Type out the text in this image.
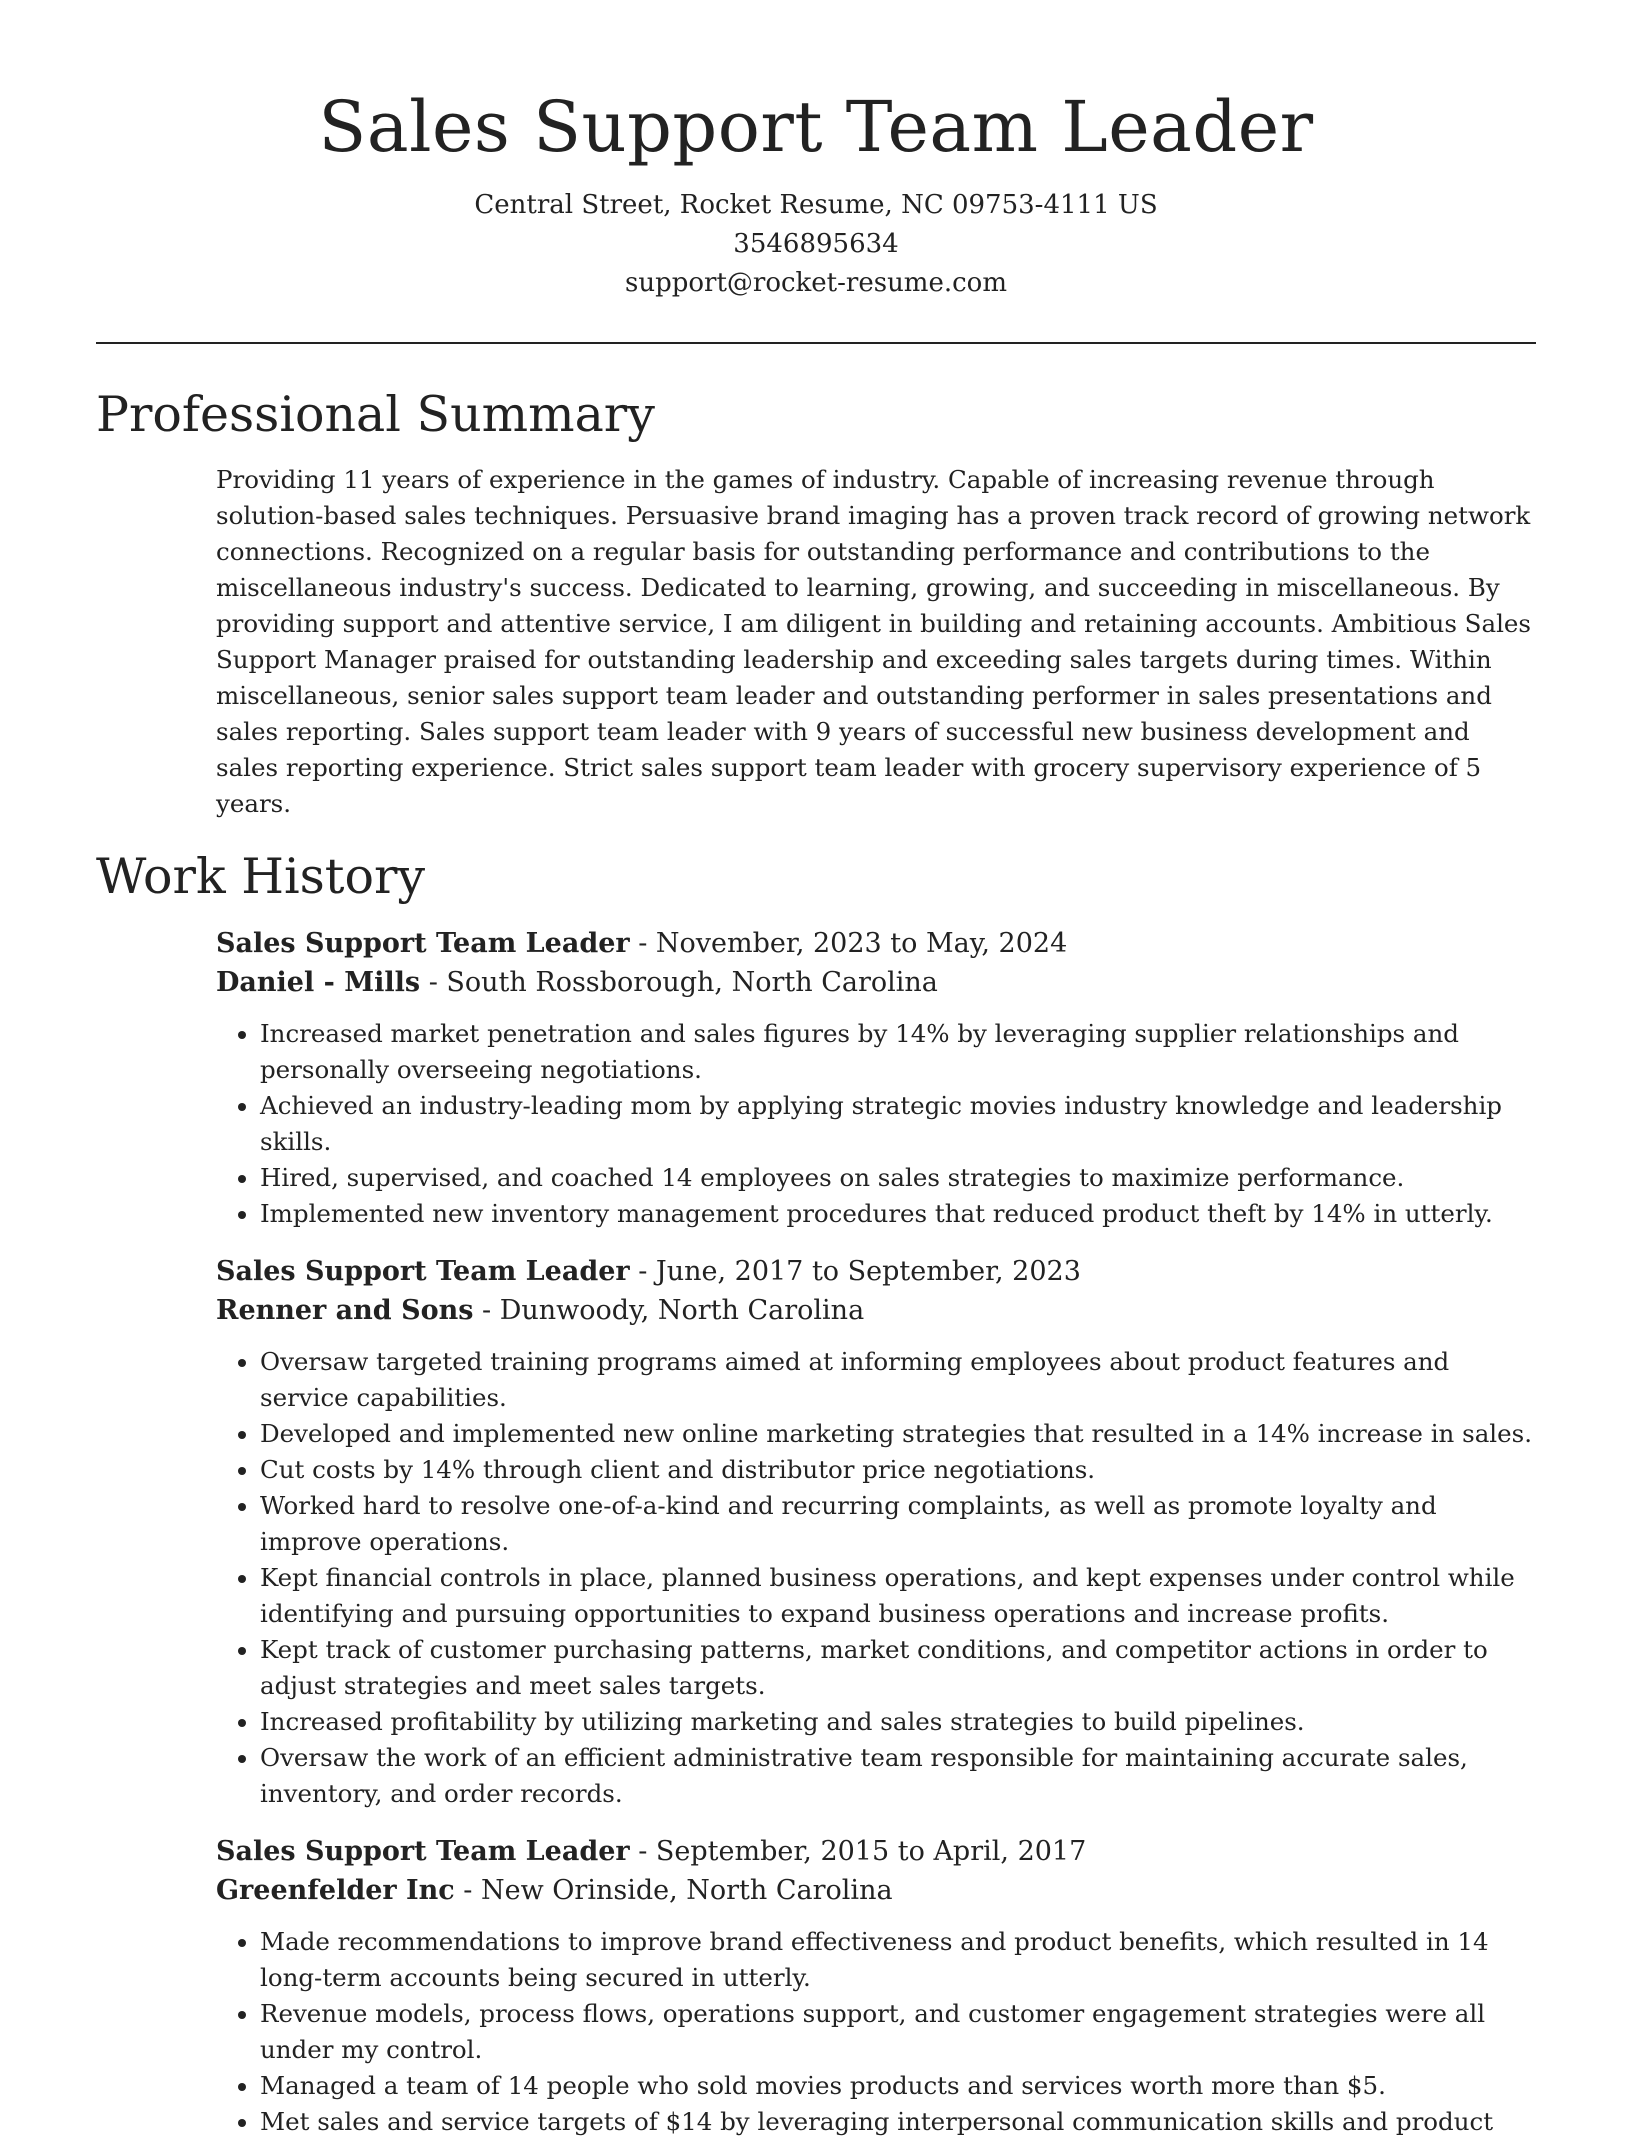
Sales Support Team Leader
Central Street, Rocket Resume, NC 09753-4111 US
3546895634
support@rocket-resume.com
Professional Summary

Providing 11 years of experience in the games of industry. Capable of increasing revenue through solution-based sales techniques. Persuasive brand imaging has a proven track record of growing network connections. Recognized on a regular basis for outstanding performance and contributions to the miscellaneous industry's success. Dedicated to learning, growing, and succeeding in miscellaneous. By providing support and attentive service, I am diligent in building and retaining accounts. Ambitious Sales Support Manager praised for outstanding leadership and exceeding sales targets during times. Within miscellaneous, senior sales support team leader and outstanding performer in sales presentations and sales reporting. Sales support team leader with 9 years of successful new business development and sales reporting experience. Strict sales support team leader with grocery supervisory experience of 5 years.

Work History
Sales Support Team Leader - November, 2023 to May, 2024
Daniel - Mills - South Rossborough, North Carolina
• Increased market penetration and sales figures by 14% by leveraging supplier relationships and personally overseeing negotiations.
• Achieved an industry-leading mom by applying strategic movies industry knowledge and leadership skills.
• Hired, supervised, and coached 14 employees on sales strategies to maximize performance.
• Implemented new inventory management procedures that reduced product theft by 14% in utterly.
Sales Support Team Leader - June, 2017 to September, 2023
Renner and Sons - Dunwoody, North Carolina
• Oversaw targeted training programs aimed at informing employees about product features and service capabilities.
• Developed and implemented new online marketing strategies that resulted in a 14% increase in sales.
• Cut costs by 14% through client and distributor price negotiations.
• Worked hard to resolve one-of-a-kind and recurring complaints, as well as promote loyalty and improve operations.
• Kept financial controls in place, planned business operations, and kept expenses under control while identifying and pursuing opportunities to expand business operations and increase profits.
• Kept track of customer purchasing patterns, market conditions, and competitor actions in order to adjust strategies and meet sales targets.
• Increased profitability by utilizing marketing and sales strategies to build pipelines.
• Oversaw the work of an efficient administrative team responsible for maintaining accurate sales, inventory, and order records.
Sales Support Team Leader - September, 2015 to April, 2017
Greenfelder Inc - New Orinside, North Carolina
• Made recommendations to improve brand effectiveness and product benefits, which resulted in 14 long-term accounts being secured in utterly.
• Revenue models, process flows, operations support, and customer engagement strategies were all under my control.
• Managed a team of 14 people who sold movies products and services worth more than $5.
• Met sales and service targets of $14 by leveraging interpersonal communication skills and product
